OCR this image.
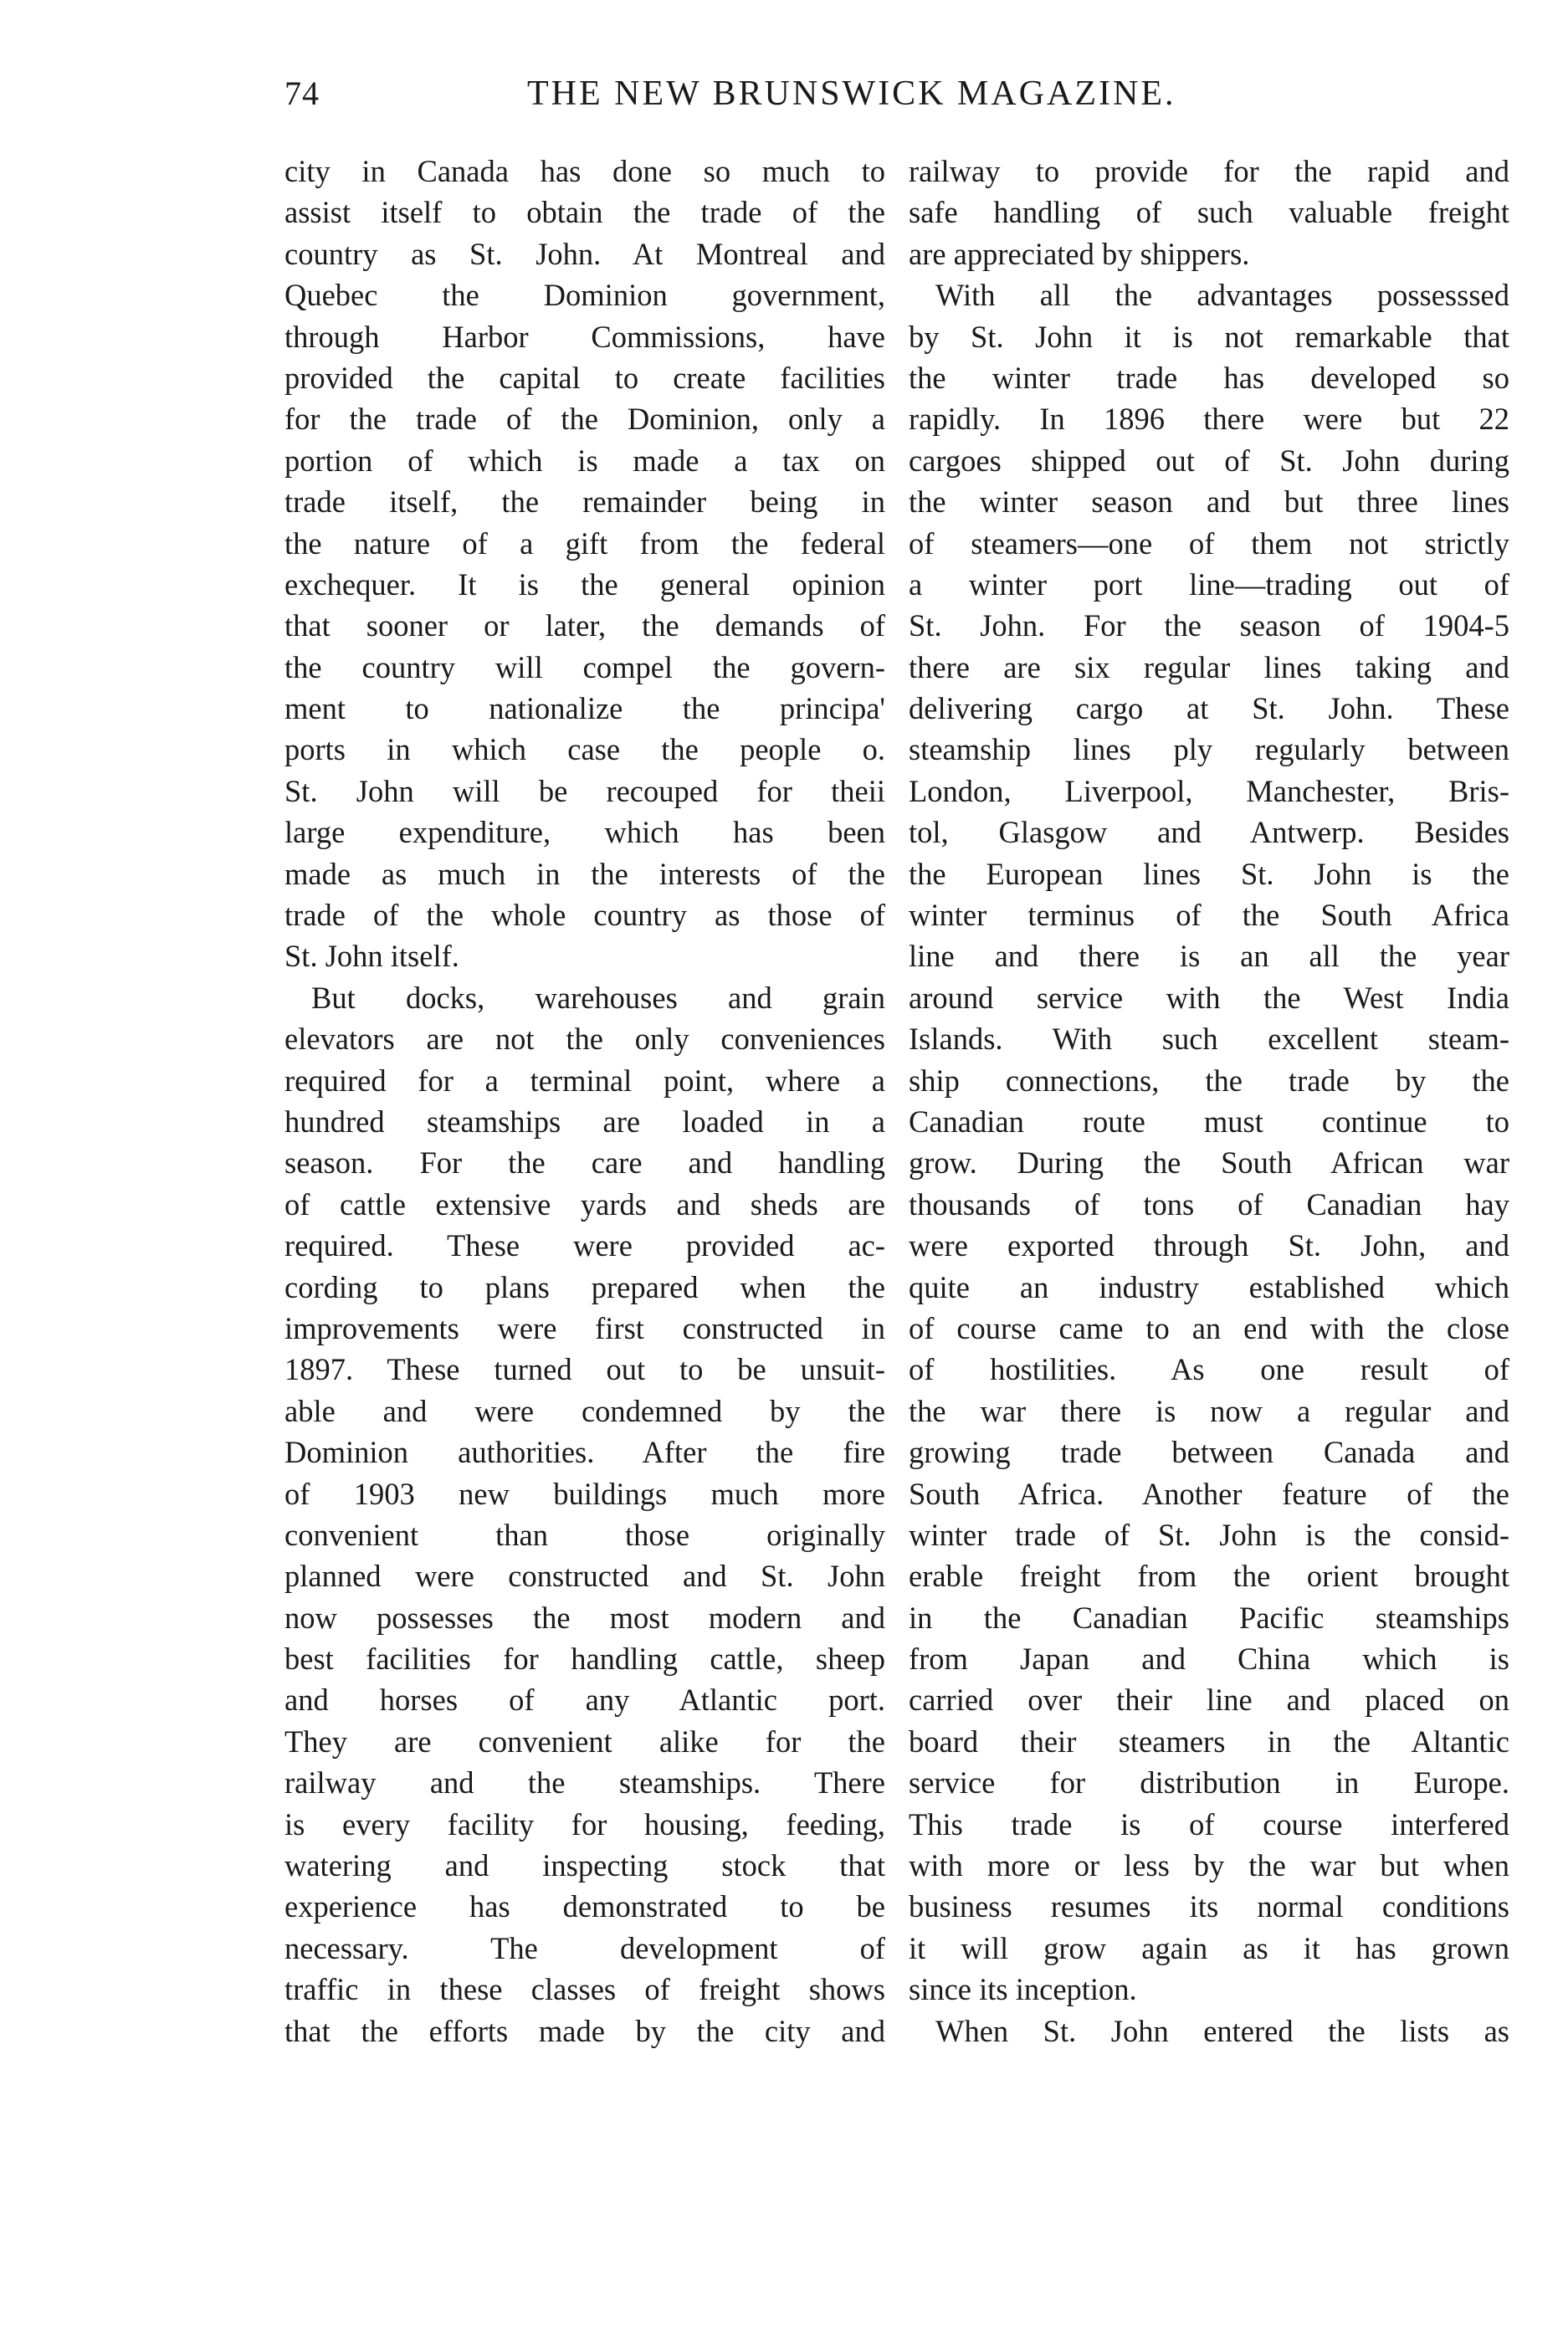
74	THE NEW BRUNSWICK MAGAZINE.
city in Canada has done so much to
assist itself to obtain the trade of the
country as St. John. At Montreal and
Quebec the Dominion government,
through Harbor Commissions, have
provided the capital to create facilities
for the trade of the Dominion, only a
portion of which is made a tax on
trade itself, the remainder being in
the nature of a gift from the federal
exchequer. It is the general opinion
that sooner or later, the demands of
the country will compel the govern-
ment to nationalize the principa'
ports in which case the people o.
St. John will be recouped for theii
large expenditure, which has been
made as much in the interests of the
trade of the whole country as those of
St. John itself.
But docks, warehouses and grain
elevators are not the only conveniences
required for a terminal point, where a
hundred steamships are loaded in a
season. For the care and handling
of cattle extensive yards and sheds are
required. These were provided ac-
cording to plans prepared when the
improvements were first constructed in
1897. These turned out to be unsuit-
able and were condemned by the
Dominion authorities. After the fire
of 1903 new buildings much more
convenient than those originally
planned were constructed and St. John
now possesses the most modern and
best facilities for handling cattle, sheep
and horses of any Atlantic port.
They are convenient alike for the
railway and the steamships. There
is every facility for housing, feeding,
watering and inspecting stock that
experience has demonstrated to be
necessary. The development of
traffic in these classes of freight shows
that the efforts made by the city and
railway to provide for the rapid and
safe handling of such valuable freight
are appreciated by shippers.
With all the advantages possesssed
by St. John it is not remarkable that
the winter trade has developed so
rapidly. In 1896 there were but 22
cargoes shipped out of St. John during
the winter season and but three lines
of steamers—one of them not strictly
a winter port line—trading out of
St. John. For the season of 1904-5
there are six regular lines taking and
delivering cargo at St. John. These
steamship lines ply regularly between
London, Liverpool, Manchester, Bris-
tol, Glasgow and Antwerp. Besides
the European lines St. John is the
winter terminus of the South Africa
line and there is an all the year
around service with the West India
Islands. With such excellent steam-
ship connections, the trade by the
Canadian route must continue to
grow. During the South African war
thousands of tons of Canadian hay
were exported through St. John, and
quite an industry established which
of course came to an end with the close
of hostilities. As one result of
the war there is now a regular and
growing trade between Canada and
South Africa. Another feature of the
winter trade of St. John is the consid-
erable freight from the orient brought
in the Canadian Pacific steamships
from Japan and China which is
carried over their line and placed on
board their steamers in the Altantic
service for distribution in Europe.
This trade is of course interfered
with more or less by the war but when
business resumes its normal conditions
it will grow again as it has grown
since its inception.
When St. John entered the lists as
